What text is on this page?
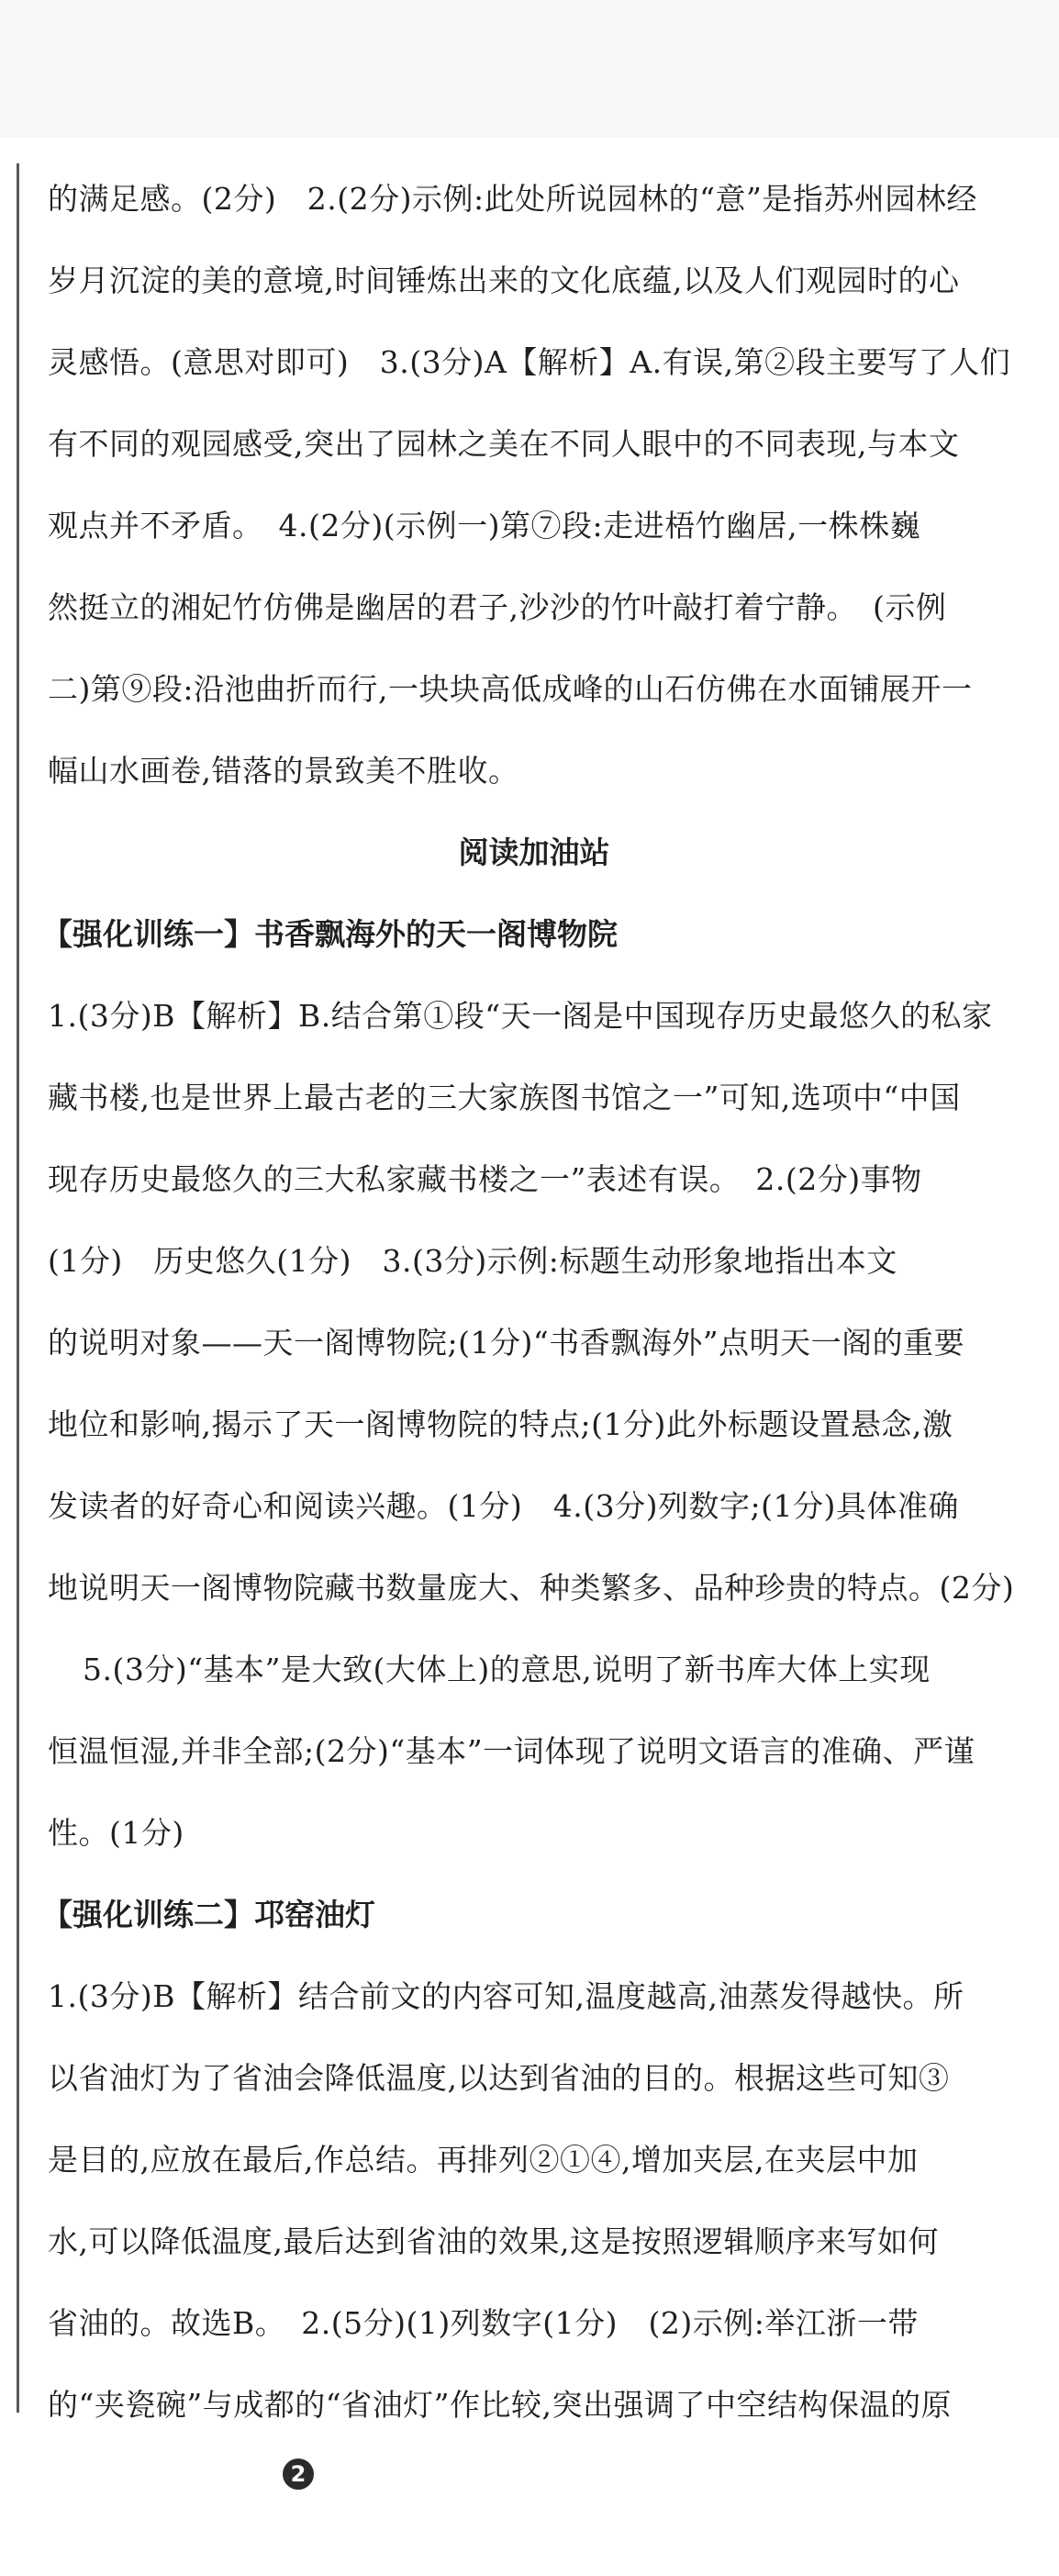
的满足感。(2分)　2.(2分)示例:此处所说园林的“意”是指苏州园林经
岁月沉淀的美的意境,时间锤炼出来的文化底蕴,以及人们观园时的心
灵感悟。(意思对即可)　3.(3分)A【解析】A.有误,第②段主要写了人们
有不同的观园感受,突出了园林之美在不同人眼中的不同表现,与本文
观点并不矛盾。　4.(2分)(示例一)第⑦段:走进梧竹幽居,一株株巍
然挺立的湘妃竹仿佛是幽居的君子,沙沙的竹叶敲打着宁静。　(示例
二)第⑨段:沿池曲折而行,一块块高低成峰的山石仿佛在水面铺展开一
幅山水画卷,错落的景致美不胜收。
阅读加油站
【强化训练一】书香飘海外的天一阁博物院
1.(3分)B【解析】B.结合第①段“天一阁是中国现存历史最悠久的私家
藏书楼,也是世界上最古老的三大家族图书馆之一”可知,选项中“中国
现存历史最悠久的三大私家藏书楼之一”表述有误。　2.(2分)事物
(1分)　历史悠久(1分)　3.(3分)示例:标题生动形象地指出本文
的说明对象——天一阁博物院;(1分)“书香飘海外”点明天一阁的重要
地位和影响,揭示了天一阁博物院的特点;(1分)此外标题设置悬念,激
发读者的好奇心和阅读兴趣。(1分)　4.(3分)列数字;(1分)具体准确
地说明天一阁博物院藏书数量庞大、种类繁多、品种珍贵的特点。(2分)
5.(3分)“基本”是大致(大体上)的意思,说明了新书库大体上实现
恒温恒湿,并非全部;(2分)“基本”一词体现了说明文语言的准确、严谨
性。(1分)
【强化训练二】邛窑油灯
1.(3分)B【解析】结合前文的内容可知,温度越高,油蒸发得越快。所
以省油灯为了省油会降低温度,以达到省油的目的。根据这些可知③
是目的,应放在最后,作总结。再排列②①④,增加夹层,在夹层中加
水,可以降低温度,最后达到省油的效果,这是按照逻辑顺序来写如何
省油的。故选B。　2.(5分)(1)列数字(1分)　(2)示例:举江浙一带
的“夹瓷碗”与成都的“省油灯”作比较,突出强调了中空结构保温的原
2
